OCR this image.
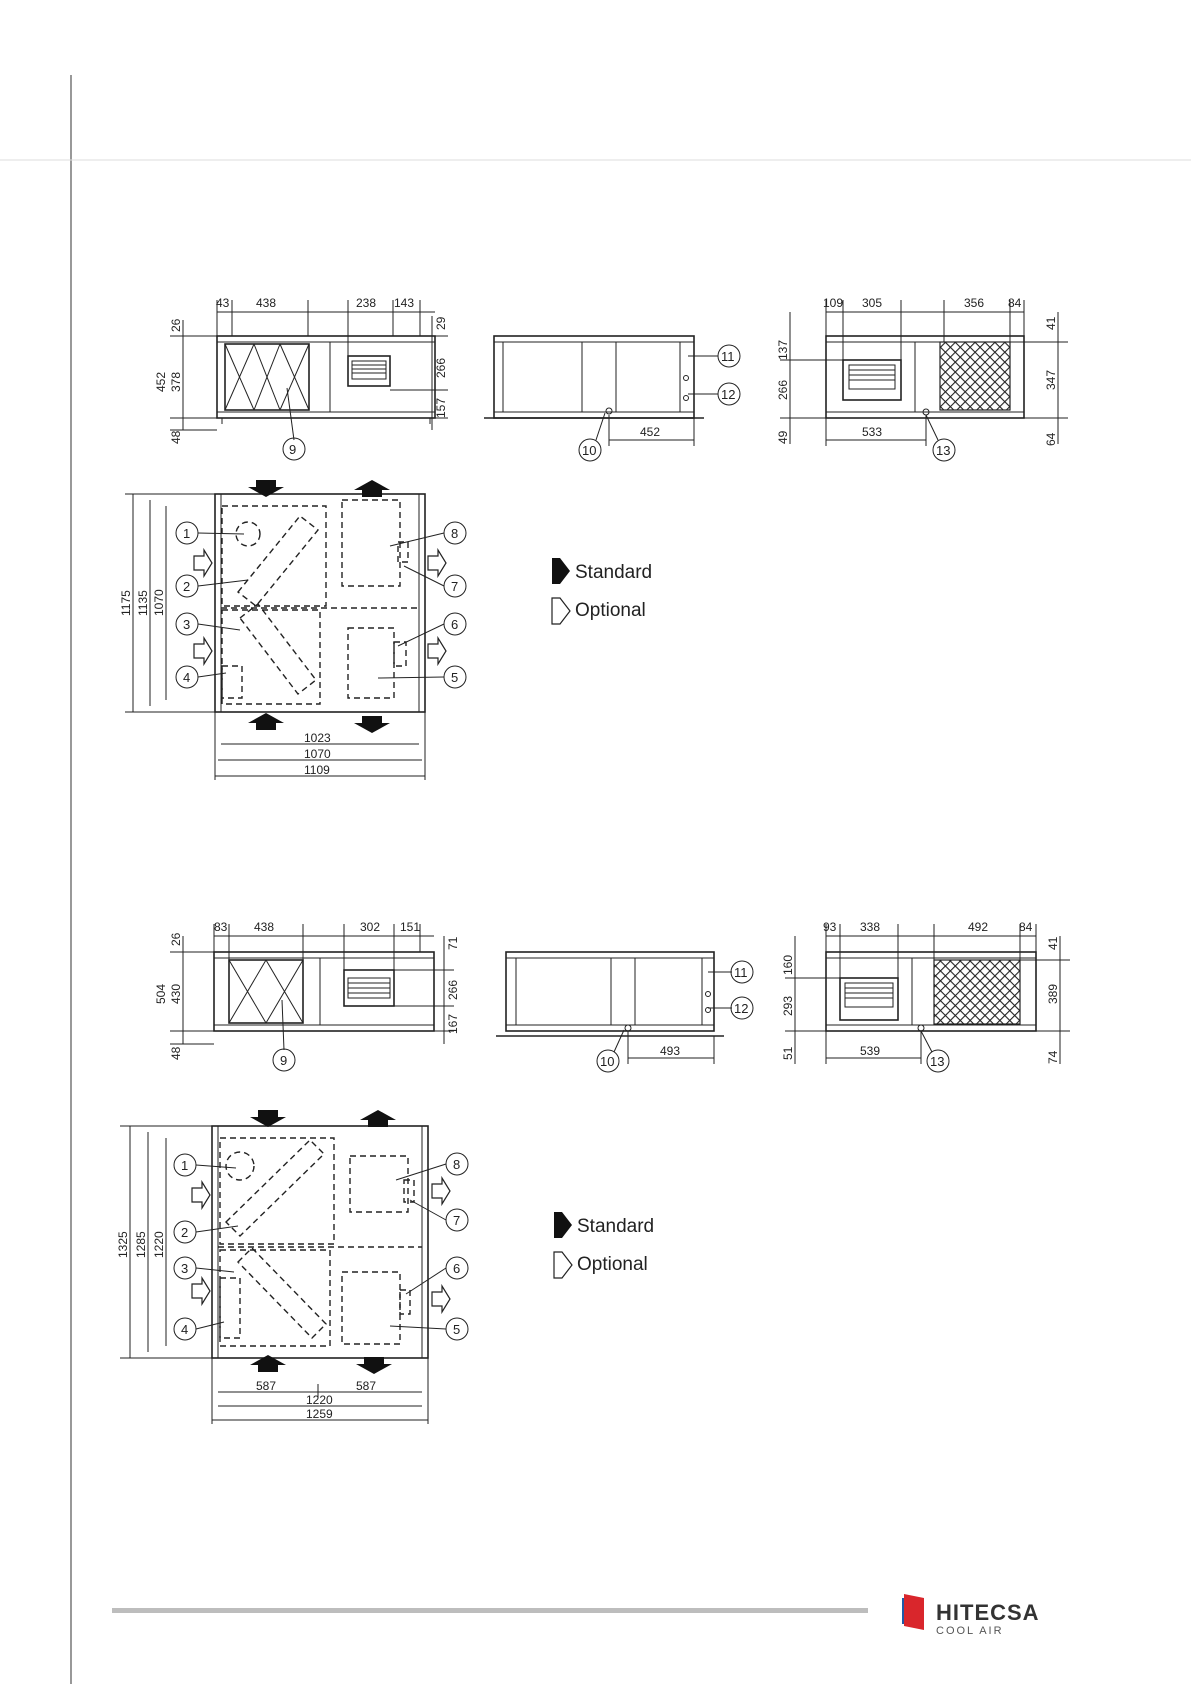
43 438	238 143
26
452 378
48
29
266
157
9
452
10
11
12
109 305	356 84
137
266
49
41
347
64
533
13
1175 1135 1070
1023
1070
1109
1
2
3
4	5
6
7
8
Standard
Optional
83 438	302 151
26
504 430
48
71
266
167
9
493
10
11
12
93 338	492	84
160
293
51
41
389
74
539
13
1325 1285 1220
587	587
1220
1259
1
2
3
4	5
6
7
8
Standard
Optional
HITECSA
COOL AIR
